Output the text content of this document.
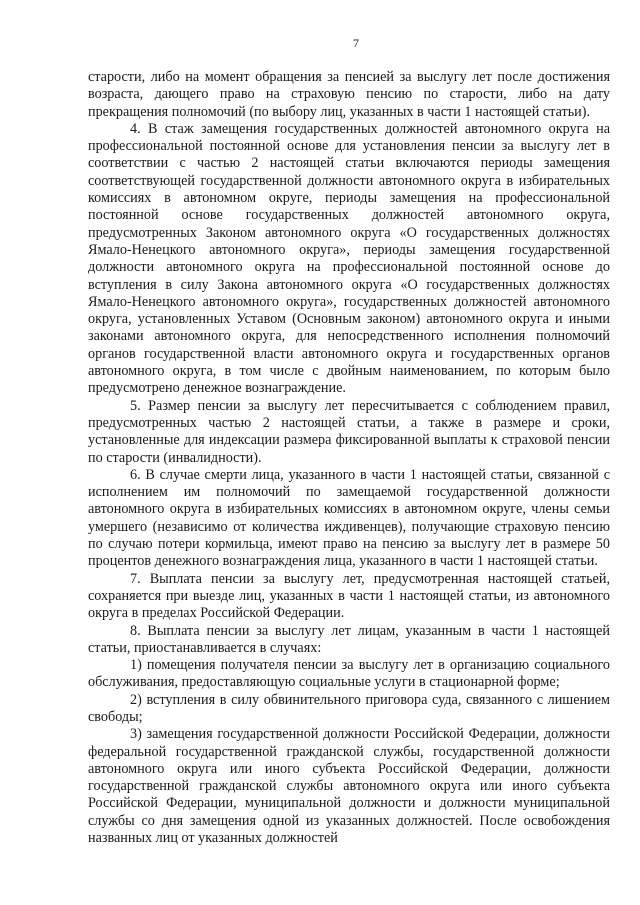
7

старости, либо на момент обращения за пенсией за выслугу лет после достижения возраста, дающего право на страховую пенсию по старости, либо на дату прекращения полномочий (по выбору лиц, указанных в части 1 настоящей статьи).

4. В стаж замещения государственных должностей автономного округа на профессиональной постоянной основе для установления пенсии за выслугу лет в соответствии с частью 2 настоящей статьи включаются периоды замещения соответствующей государственной должности автономного округа в избирательных комиссиях в автономном округе, периоды замещения на профессиональной постоянной основе государственных должностей автономного округа, предусмотренных Законом автономного округа «О государственных должностях Ямало-Ненецкого автономного округа», периоды замещения государственной должности автономного округа на профессиональной постоянной основе до вступления в силу Закона автономного округа «О государственных должностях Ямало-Ненецкого автономного округа», государственных должностей автономного округа, установленных Уставом (Основным законом) автономного округа и иными законами автономного округа, для непосредственного исполнения полномочий органов государственной власти автономного округа и государственных органов автономного округа, в том числе с двойным наименованием, по которым было предусмотрено денежное вознаграждение.

5. Размер пенсии за выслугу лет пересчитывается с соблюдением правил, предусмотренных частью 2 настоящей статьи, а также в размере и сроки, установленные для индексации размера фиксированной выплаты к страховой пенсии по старости (инвалидности).

6. В случае смерти лица, указанного в части 1 настоящей статьи, связанной с исполнением им полномочий по замещаемой государственной должности автономного округа в избирательных комиссиях в автономном округе, члены семьи умершего (независимо от количества иждивенцев), получающие страховую пенсию по случаю потери кормильца, имеют право на пенсию за выслугу лет в размере 50 процентов денежного вознаграждения лица, указанного в части 1 настоящей статьи.

7. Выплата пенсии за выслугу лет, предусмотренная настоящей статьей, сохраняется при выезде лиц, указанных в части 1 настоящей статьи, из автономного округа в пределах Российской Федерации.

8. Выплата пенсии за выслугу лет лицам, указанным в части 1 настоящей статьи, приостанавливается в случаях:

1) помещения получателя пенсии за выслугу лет в организацию социального обслуживания, предоставляющую социальные услуги в стационарной форме;

2) вступления в силу обвинительного приговора суда, связанного с лишением свободы;

3) замещения государственной должности Российской Федерации, должности федеральной государственной гражданской службы, государственной должности автономного округа или иного субъекта Российской Федерации, должности государственной гражданской службы автономного округа или иного субъекта Российской Федерации, муниципальной должности и должности муниципальной службы со дня замещения одной из указанных должностей. После освобождения названных лиц от указанных должностей
